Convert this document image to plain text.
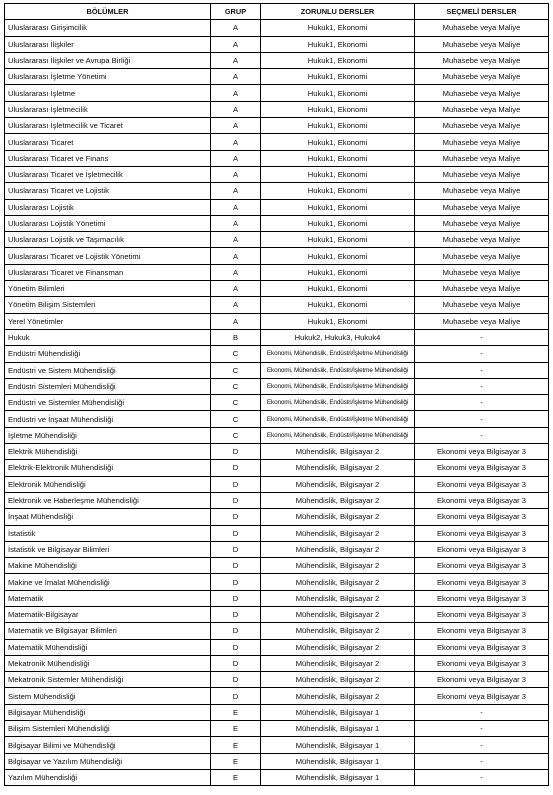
BÖLÜMLER	GRUP	ZORUNLU DERSLER	SEÇMELİ DERSLER
Uluslararası Girişimcilik	A	Hukuk1, Ekonomi	Muhasebe veya Maliye
Uluslararası İlişkiler	A	Hukuk1, Ekonomi	Muhasebe veya Maliye
Uluslararası İlişkiler ve Avrupa Birliği	A	Hukuk1, Ekonomi	Muhasebe veya Maliye
Uluslararası İşletme Yönetimi	A	Hukuk1, Ekonomi	Muhasebe veya Maliye
Uluslararası İşletme	A	Hukuk1, Ekonomi	Muhasebe veya Maliye
Uluslararası İşletmecilik	A	Hukuk1, Ekonomi	Muhasebe veya Maliye
Uluslararası İşletmecilik ve Ticaret	A	Hukuk1, Ekonomi	Muhasebe veya Maliye
Uluslararası Ticaret	A	Hukuk1, Ekonomi	Muhasebe veya Maliye
Uluslararası Ticaret ve Finans	A	Hukuk1, Ekonomi	Muhasebe veya Maliye
Uluslararası Ticaret ve İşletmecilik	A	Hukuk1, Ekonomi	Muhasebe veya Maliye
Uluslararası Ticaret ve Lojistik	A	Hukuk1, Ekonomi	Muhasebe veya Maliye
Uluslararası Lojistik	A	Hukuk1, Ekonomi	Muhasebe veya Maliye
Uluslararası Lojistik Yönetimi	A	Hukuk1, Ekonomi	Muhasebe veya Maliye
Uluslararası Lojistik ve Taşımacılık	A	Hukuk1, Ekonomi	Muhasebe veya Maliye
Uluslararası Ticaret ve Lojistik Yönetimi	A	Hukuk1, Ekonomi	Muhasebe veya Maliye
Uluslararası Ticaret ve Finansman	A	Hukuk1, Ekonomi	Muhasebe veya Maliye
Yönetim Bilimleri	A	Hukuk1, Ekonomi	Muhasebe veya Maliye
Yönetim Bilişim Sistemleri	A	Hukuk1, Ekonomi	Muhasebe veya Maliye
Yerel Yönetimler	A	Hukuk1, Ekonomi	Muhasebe veya Maliye
Hukuk	B	Hukuk2, Hukuk3, Hukuk4	-
Endüstri Mühendisliği	C	Ekonomi, Mühendislik, Endüstri/İşletme Mühendisliği	-
Endüstri ve Sistem Mühendisliği	C	Ekonomi, Mühendislik, Endüstri/İşletme Mühendisliği	-
Endüstri Sistemleri Mühendisliği	C	Ekonomi, Mühendislik, Endüstri/İşletme Mühendisliği	-
Endüstri ve Sistemler Mühendisliği	C	Ekonomi, Mühendislik, Endüstri/İşletme Mühendisliği	-
Endüstri ve İnşaat Mühendisliği	C	Ekonomi, Mühendislik, Endüstri/İşletme Mühendisliği	-
İşletme Mühendisliği	C	Ekonomi, Mühendislik, Endüstri/İşletme Mühendisliği	-
Elektrik Mühendisliği	D	Mühendislik, Bilgisayar 2	Ekonomi veya Bilgisayar 3
Elektrik-Elektronik Mühendisliği	D	Mühendislik, Bilgisayar 2	Ekonomi veya Bilgisayar 3
Elektronik Mühendisliği	D	Mühendislik, Bilgisayar 2	Ekonomi veya Bilgisayar 3
Elektronik ve Haberleşme Mühendisliği	D	Mühendislik, Bilgisayar 2	Ekonomi veya Bilgisayar 3
İnşaat Mühendisliği	D	Mühendislik, Bilgisayar 2	Ekonomi veya Bilgisayar 3
İstatistik	D	Mühendislik, Bilgisayar 2	Ekonomi veya Bilgisayar 3
İstatistik ve Bilgisayar Bilimleri	D	Mühendislik, Bilgisayar 2	Ekonomi veya Bilgisayar 3
Makine Mühendisliği	D	Mühendislik, Bilgisayar 2	Ekonomi veya Bilgisayar 3
Makine ve İmalat Mühendisliği	D	Mühendislik, Bilgisayar 2	Ekonomi veya Bilgisayar 3
Matematik	D	Mühendislik, Bilgisayar 2	Ekonomi veya Bilgisayar 3
Matematik-Bilgisayar	D	Mühendislik, Bilgisayar 2	Ekonomi veya Bilgisayar 3
Matematik ve Bilgisayar Bilimleri	D	Mühendislik, Bilgisayar 2	Ekonomi veya Bilgisayar 3
Matematik Mühendisliği	D	Mühendislik, Bilgisayar 2	Ekonomi veya Bilgisayar 3
Mekatronik Mühendisliği	D	Mühendislik, Bilgisayar 2	Ekonomi veya Bilgisayar 3
Mekatronik Sistemler Mühendisliği	D	Mühendislik, Bilgisayar 2	Ekonomi veya Bilgisayar 3
Sistem Mühendisliği	D	Mühendislik, Bilgisayar 2	Ekonomi veya Bilgisayar 3
Bilgisayar Mühendisliği	E	Mühendislik, Bilgisayar 1	-
Bilişim Sistemleri Mühendisliği	E	Mühendislik, Bilgisayar 1	-
Bilgisayar Bilimi ve Mühendisliği	E	Mühendislik, Bilgisayar 1	-
Bilgisayar ve Yazılım Mühendisliği	E	Mühendislik, Bilgisayar 1	-
Yazılım Mühendisliği	E	Mühendislik, Bilgisayar 1	-
